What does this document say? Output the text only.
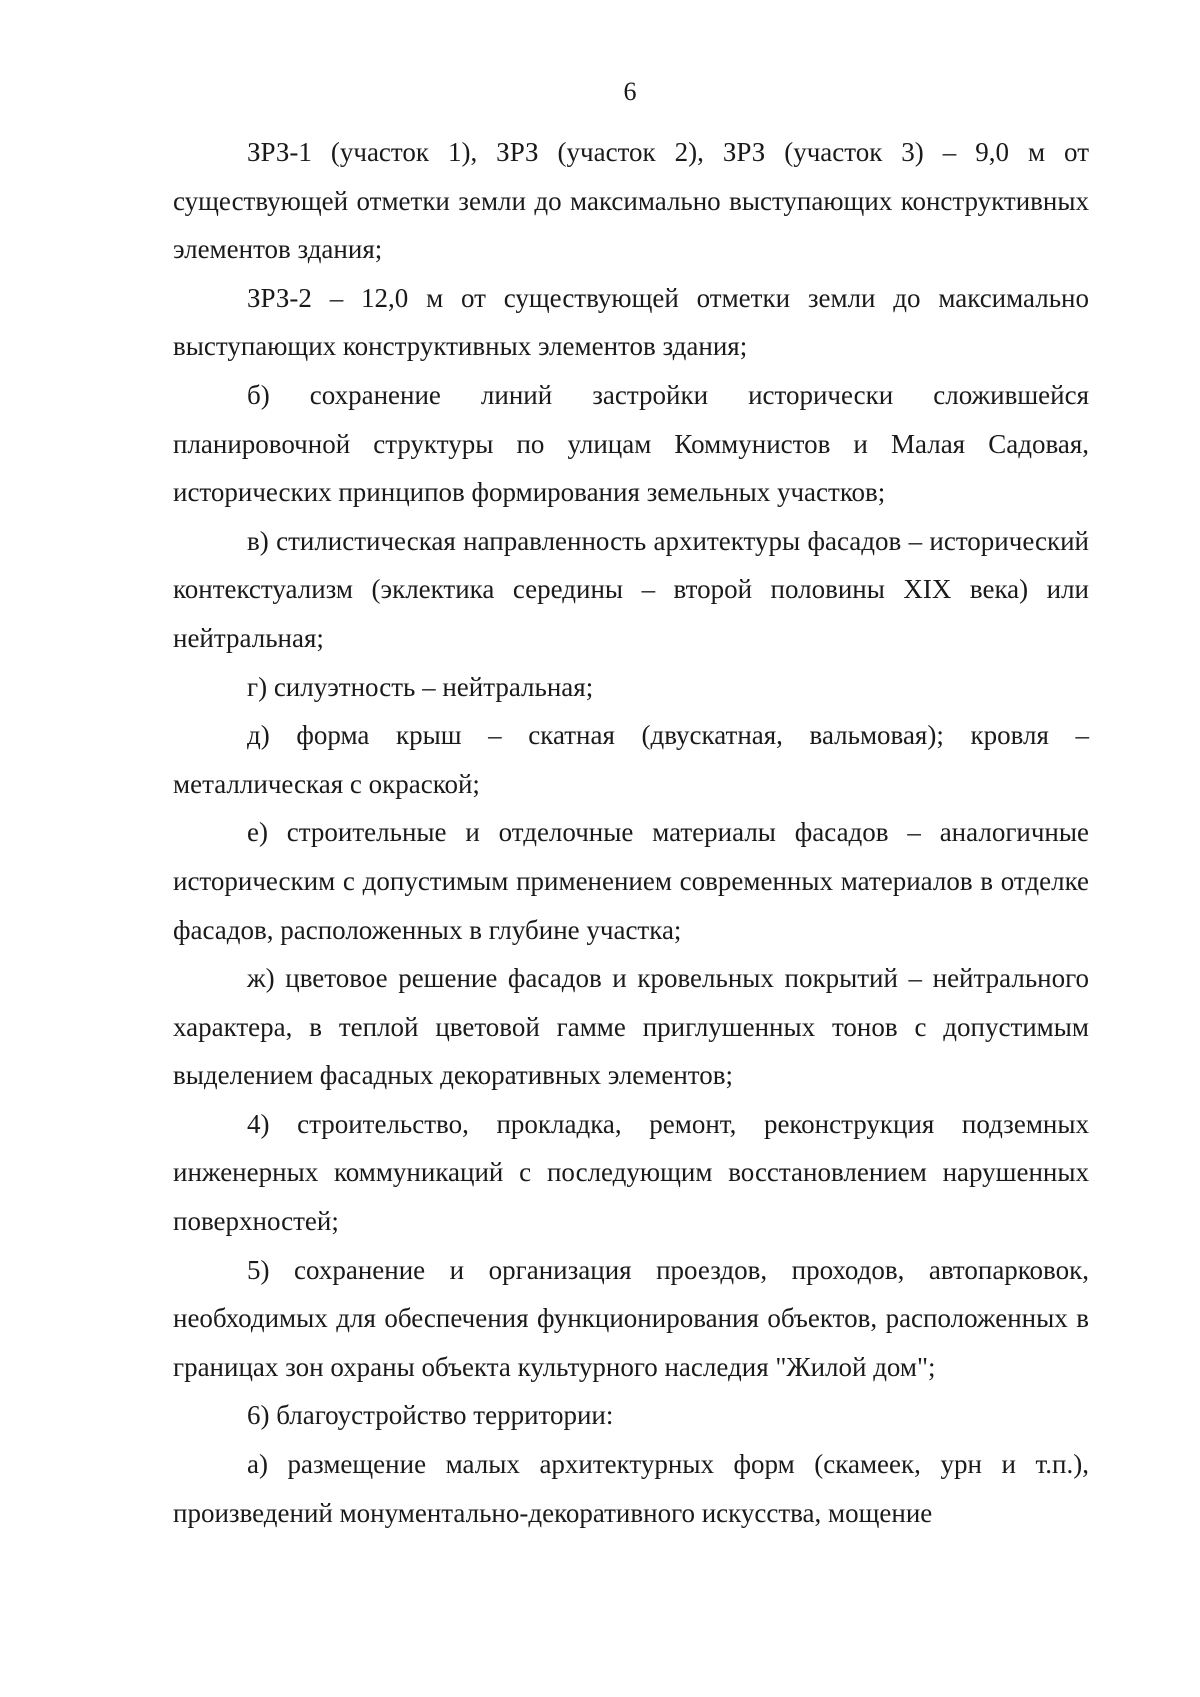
6

ЗРЗ-1 (участок 1), ЗРЗ (участок 2), ЗРЗ (участок 3) – 9,0 м от существующей отметки земли до максимально выступающих конструктивных элементов здания;

ЗРЗ-2 – 12,0 м от существующей отметки земли до максимально выступающих конструктивных элементов здания;

б) сохранение линий застройки исторически сложившейся планировочной структуры по улицам Коммунистов и Малая Садовая, исторических принципов формирования земельных участков;

в) стилистическая направленность архитектуры фасадов – исторический контекстуализм (эклектика середины – второй половины XIX века) или нейтральная;

г) силуэтность – нейтральная;

д) форма крыш – скатная (двускатная, вальмовая); кровля – металлическая с окраской;

е) строительные и отделочные материалы фасадов – аналогичные историческим с допустимым применением современных материалов в отделке фасадов, расположенных в глубине участка;

ж) цветовое решение фасадов и кровельных покрытий – нейтрального характера, в теплой цветовой гамме приглушенных тонов с допустимым выделением фасадных декоративных элементов;

4) строительство, прокладка, ремонт, реконструкция подземных инженерных коммуникаций с последующим восстановлением нарушенных поверхностей;

5) сохранение и организация проездов, проходов, автопарковок, необходимых для обеспечения функционирования объектов, расположенных в границах зон охраны объекта культурного наследия "Жилой дом";

6) благоустройство территории:

а) размещение малых архитектурных форм (скамеек, урн и т.п.), произведений монументально-декоративного искусства, мощение
